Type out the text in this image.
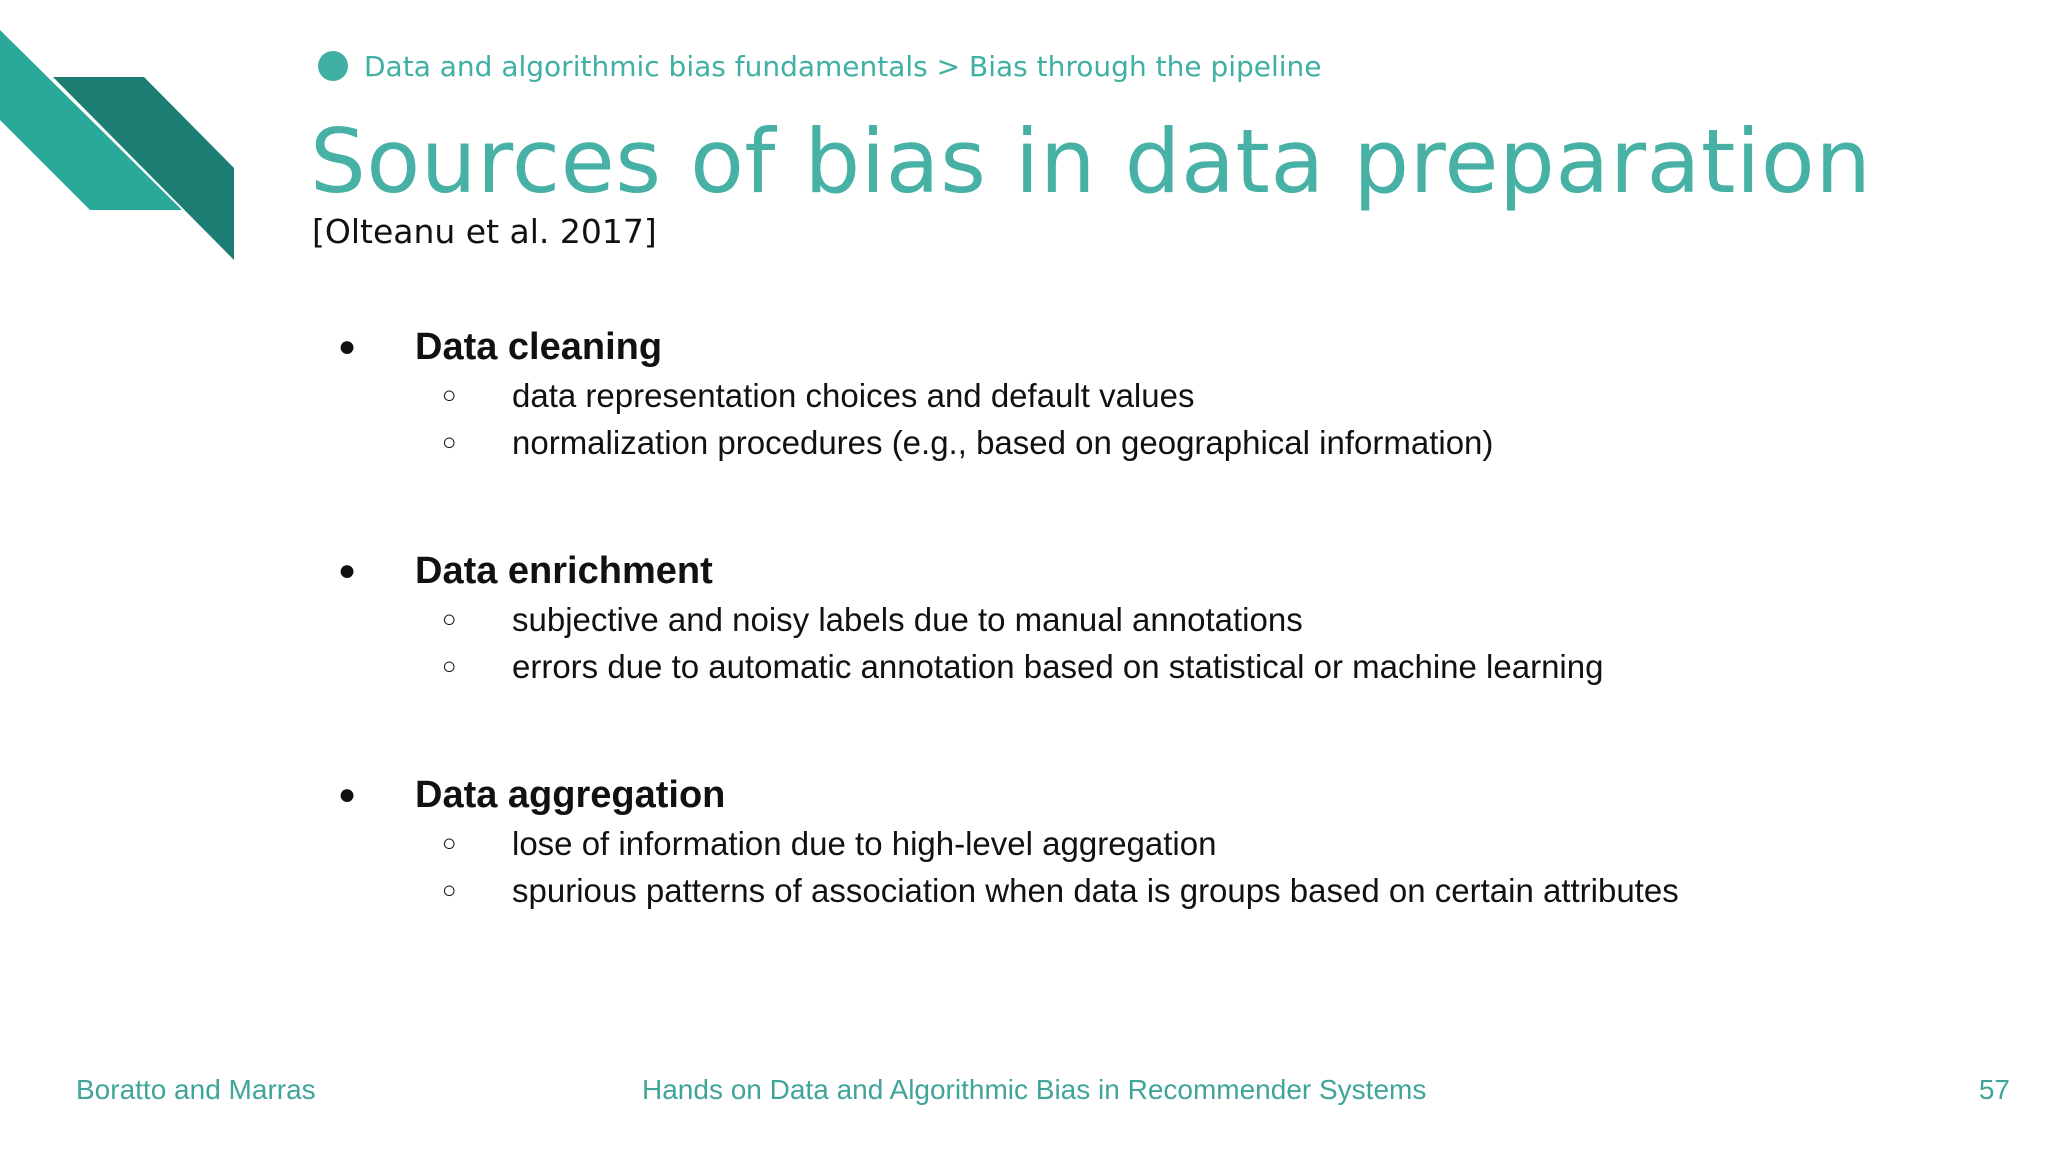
Data and algorithmic bias fundamentals > Bias through the pipeline
Sources of bias in data preparation
[Olteanu et al. 2017]
●	Data cleaning
○	data representation choices and default values
○	normalization procedures (e.g., based on geographical information)
●	Data enrichment
○	subjective and noisy labels due to manual annotations
○	errors due to automatic annotation based on statistical or machine learning
●	Data aggregation
○	lose of information due to high-level aggregation
○	spurious patterns of association when data is groups based on certain attributes
Boratto and Marras	Hands on Data and Algorithmic Bias in Recommender Systems	57
